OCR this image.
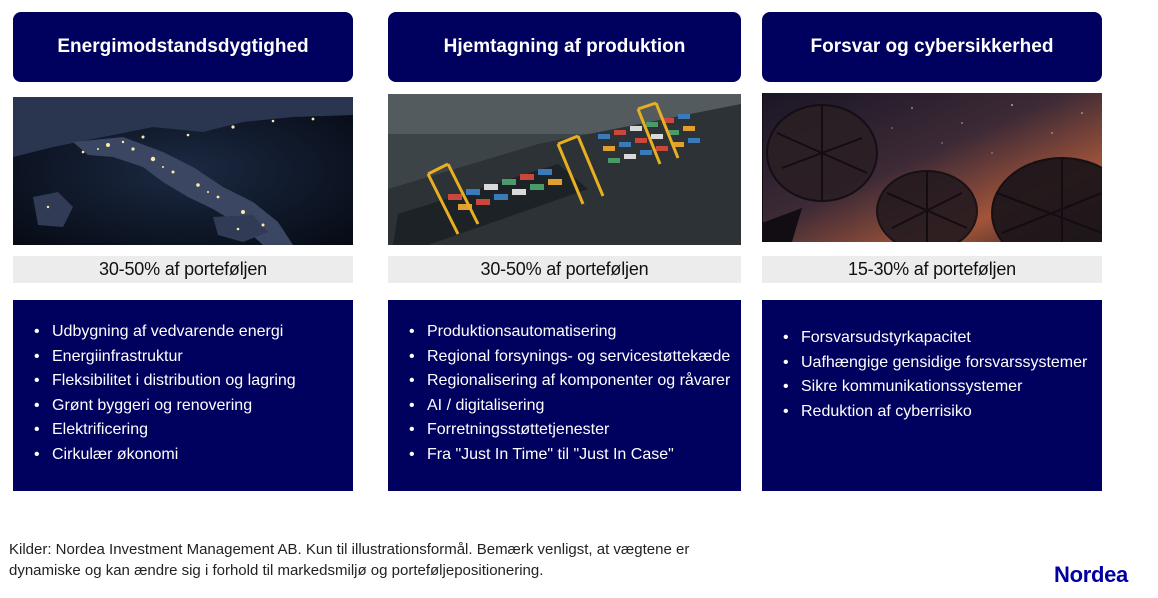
Energimodstandsdygtighed
30-50% af porteføljen
• Udbygning af vedvarende energi
• Energiinfrastruktur
• Fleksibilitet i distribution og lagring
• Grønt byggeri og renovering
• Elektrificering
• Cirkulær økonomi
Hjemtagning af produktion
30-50% af porteføljen
• Produktionsautomatisering
• Regional forsynings- og servicestøttekæde
• Regionalisering af komponenter og råvarer
• AI / digitalisering
• Forretningsstøttetjenester
• Fra "Just In Time" til "Just In Case"
Forsvar og cybersikkerhed
15-30% af porteføljen
• Forsvarsudstyrkapacitet
• Uafhængige gensidige forsvarssystemer
• Sikre kommunikationssystemer
• Reduktion af cyberrisiko
Kilder: Nordea Investment Management AB. Kun til illustrationsformål. Bemærk venligst, at vægtene er dynamiske og kan ændre sig i forhold til markedsmiljø og porteføljepositionering.	Nordea
